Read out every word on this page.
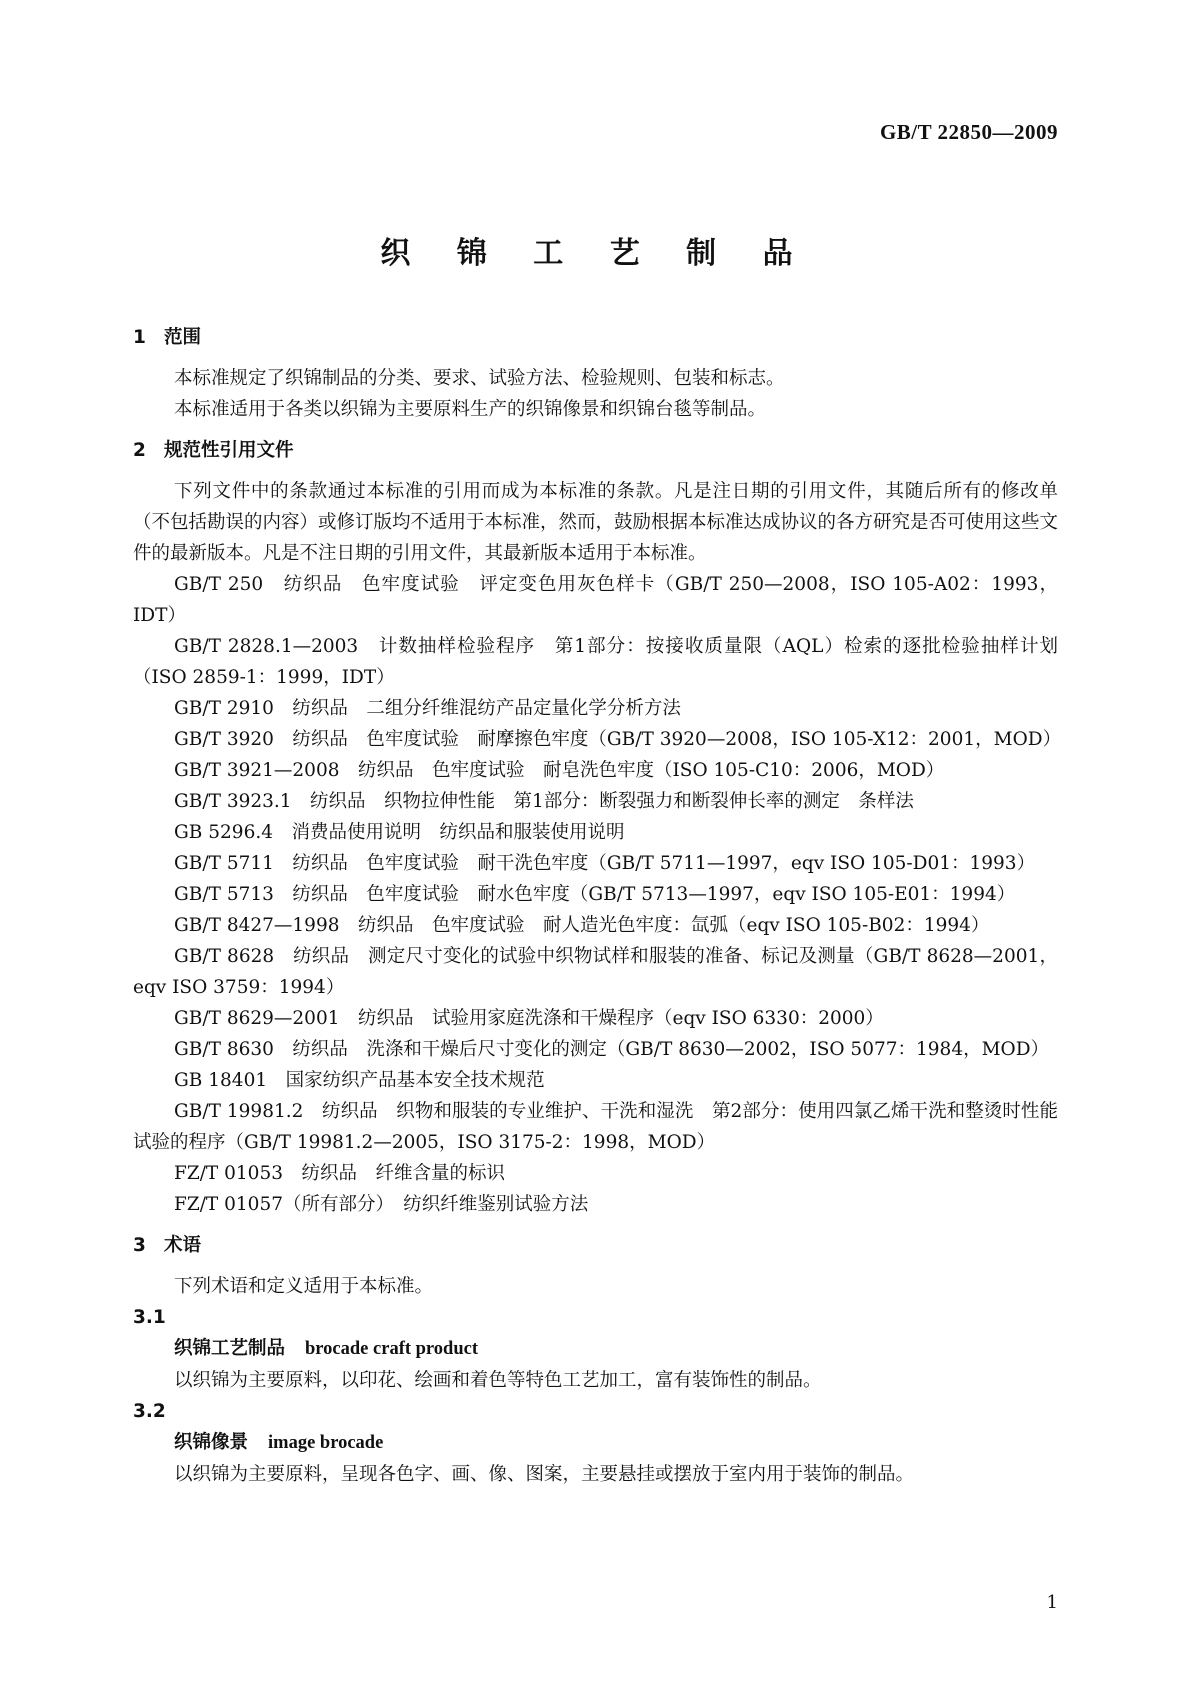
GB/T 22850—2009
织 锦 工 艺 制 品
1 范围
本标准规定了织锦制品的分类、要求、试验方法、检验规则、包装和标志。
本标准适用于各类以织锦为主要原料生产的织锦像景和织锦台毯等制品。
2 规范性引用文件
下列文件中的条款通过本标准的引用而成为本标准的条款。凡是注日期的引用文件，其随后所有的修改单（不包括勘误的内容）或修订版均不适用于本标准，然而，鼓励根据本标准达成协议的各方研究是否可使用这些文件的最新版本。凡是不注日期的引用文件，其最新版本适用于本标准。
GB/T 250　纺织品　色牢度试验　评定变色用灰色样卡（GB/T 250—2008，ISO 105-A02：1993，IDT）
GB/T 2828.1—2003　计数抽样检验程序　第1部分：按接收质量限（AQL）检索的逐批检验抽样计划（ISO 2859-1：1999，IDT）
GB/T 2910　纺织品　二组分纤维混纺产品定量化学分析方法
GB/T 3920　纺织品　色牢度试验　耐摩擦色牢度（GB/T 3920—2008，ISO 105-X12：2001，MOD）
GB/T 3921—2008　纺织品　色牢度试验　耐皂洗色牢度（ISO 105-C10：2006，MOD）
GB/T 3923.1　纺织品　织物拉伸性能　第1部分：断裂强力和断裂伸长率的测定　条样法
GB 5296.4　消费品使用说明　纺织品和服装使用说明
GB/T 5711　纺织品　色牢度试验　耐干洗色牢度（GB/T 5711—1997，eqv ISO 105-D01：1993）
GB/T 5713　纺织品　色牢度试验　耐水色牢度（GB/T 5713—1997，eqv ISO 105-E01：1994）
GB/T 8427—1998　纺织品　色牢度试验　耐人造光色牢度：氙弧（eqv ISO 105-B02：1994）
GB/T 8628　纺织品　测定尺寸变化的试验中织物试样和服装的准备、标记及测量（GB/T 8628—2001，eqv ISO 3759：1994）
GB/T 8629—2001　纺织品　试验用家庭洗涤和干燥程序（eqv ISO 6330：2000）
GB/T 8630　纺织品　洗涤和干燥后尺寸变化的测定（GB/T 8630—2002，ISO 5077：1984，MOD）
GB 18401　国家纺织产品基本安全技术规范
GB/T 19981.2　纺织品　织物和服装的专业维护、干洗和湿洗　第2部分：使用四氯乙烯干洗和整烫时性能试验的程序（GB/T 19981.2—2005，ISO 3175-2：1998，MOD）
FZ/T 01053　纺织品　纤维含量的标识
FZ/T 01057（所有部分）　纺织纤维鉴别试验方法
3 术语
下列术语和定义适用于本标准。
3.1
织锦工艺制品 brocade craft product
以织锦为主要原料，以印花、绘画和着色等特色工艺加工，富有装饰性的制品。
3.2
织锦像景 image brocade
以织锦为主要原料，呈现各色字、画、像、图案，主要悬挂或摆放于室内用于装饰的制品。
1
